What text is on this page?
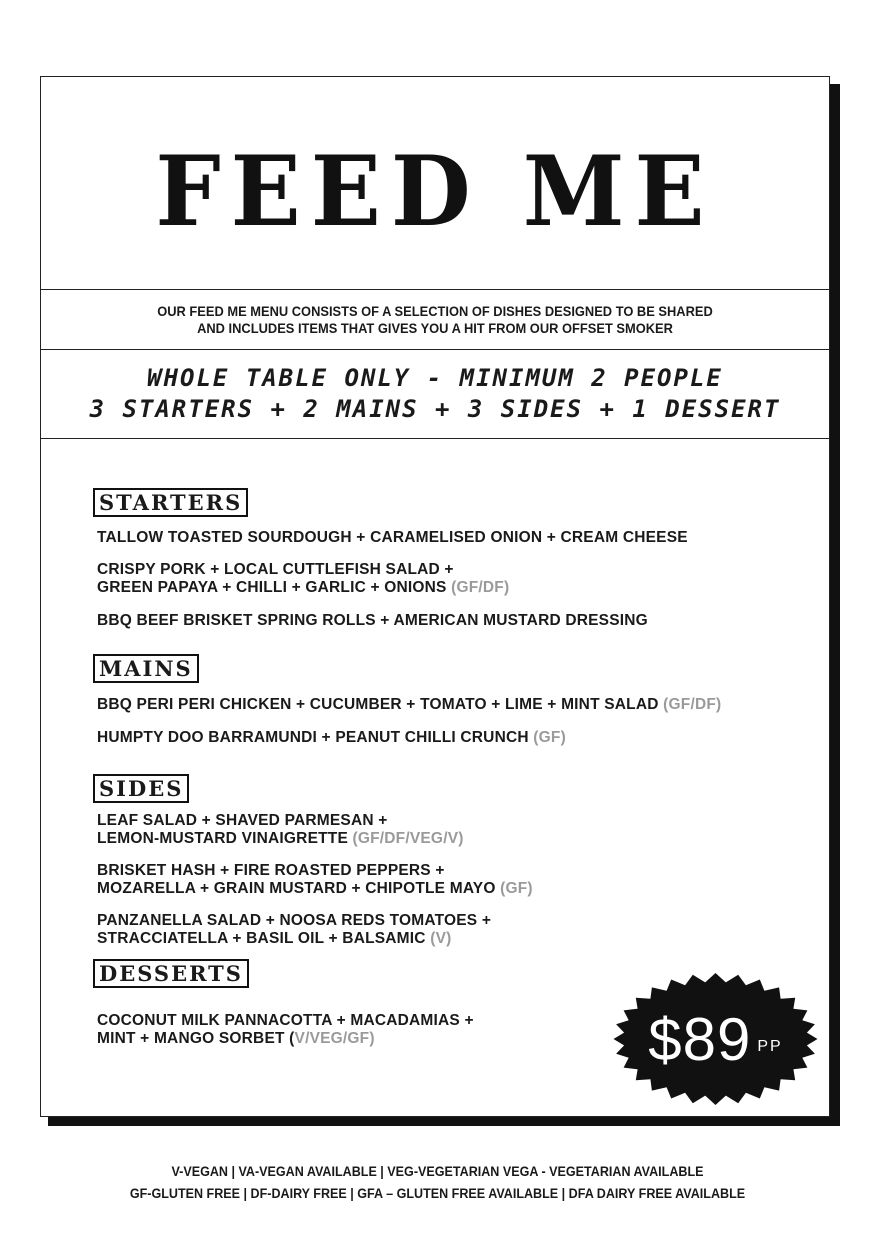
FEED ME
OUR FEED ME MENU CONSISTS OF A SELECTION OF DISHES DESIGNED TO BE SHARED
AND INCLUDES ITEMS THAT GIVES YOU A HIT FROM OUR OFFSET SMOKER
WHOLE TABLE ONLY - MINIMUM 2 PEOPLE
3 STARTERS + 2 MAINS + 3 SIDES + 1 DESSERT
STARTERS
TALLOW TOASTED SOURDOUGH + CARAMELISED ONION + CREAM CHEESE
CRISPY PORK + LOCAL CUTTLEFISH SALAD +
GREEN PAPAYA + CHILLI + GARLIC + ONIONS (GF/DF)
BBQ BEEF BRISKET SPRING ROLLS + AMERICAN MUSTARD DRESSING
MAINS
BBQ PERI PERI CHICKEN + CUCUMBER + TOMATO + LIME + MINT SALAD (GF/DF)
HUMPTY DOO BARRAMUNDI + PEANUT CHILLI CRUNCH (GF)
SIDES
LEAF SALAD + SHAVED PARMESAN +
LEMON-MUSTARD VINAIGRETTE (GF/DF/VEG/V)
BRISKET HASH + FIRE ROASTED PEPPERS +
MOZARELLA + GRAIN MUSTARD + CHIPOTLE MAYO (GF)
PANZANELLA SALAD + NOOSA REDS TOMATOES +
STRACCIATELLA + BASIL OIL + BALSAMIC (V)
DESSERTS
COCONUT MILK PANNACOTTA + MACADAMIAS +
MINT + MANGO SORBET (V/VEG/GF)	$89 PP
V-VEGAN | VA-VEGAN AVAILABLE | VEG-VEGETARIAN VEGA - VEGETARIAN AVAILABLE
GF-GLUTEN FREE | DF-DAIRY FREE | GFA – GLUTEN FREE AVAILABLE | DFA DAIRY FREE AVAILABLE
